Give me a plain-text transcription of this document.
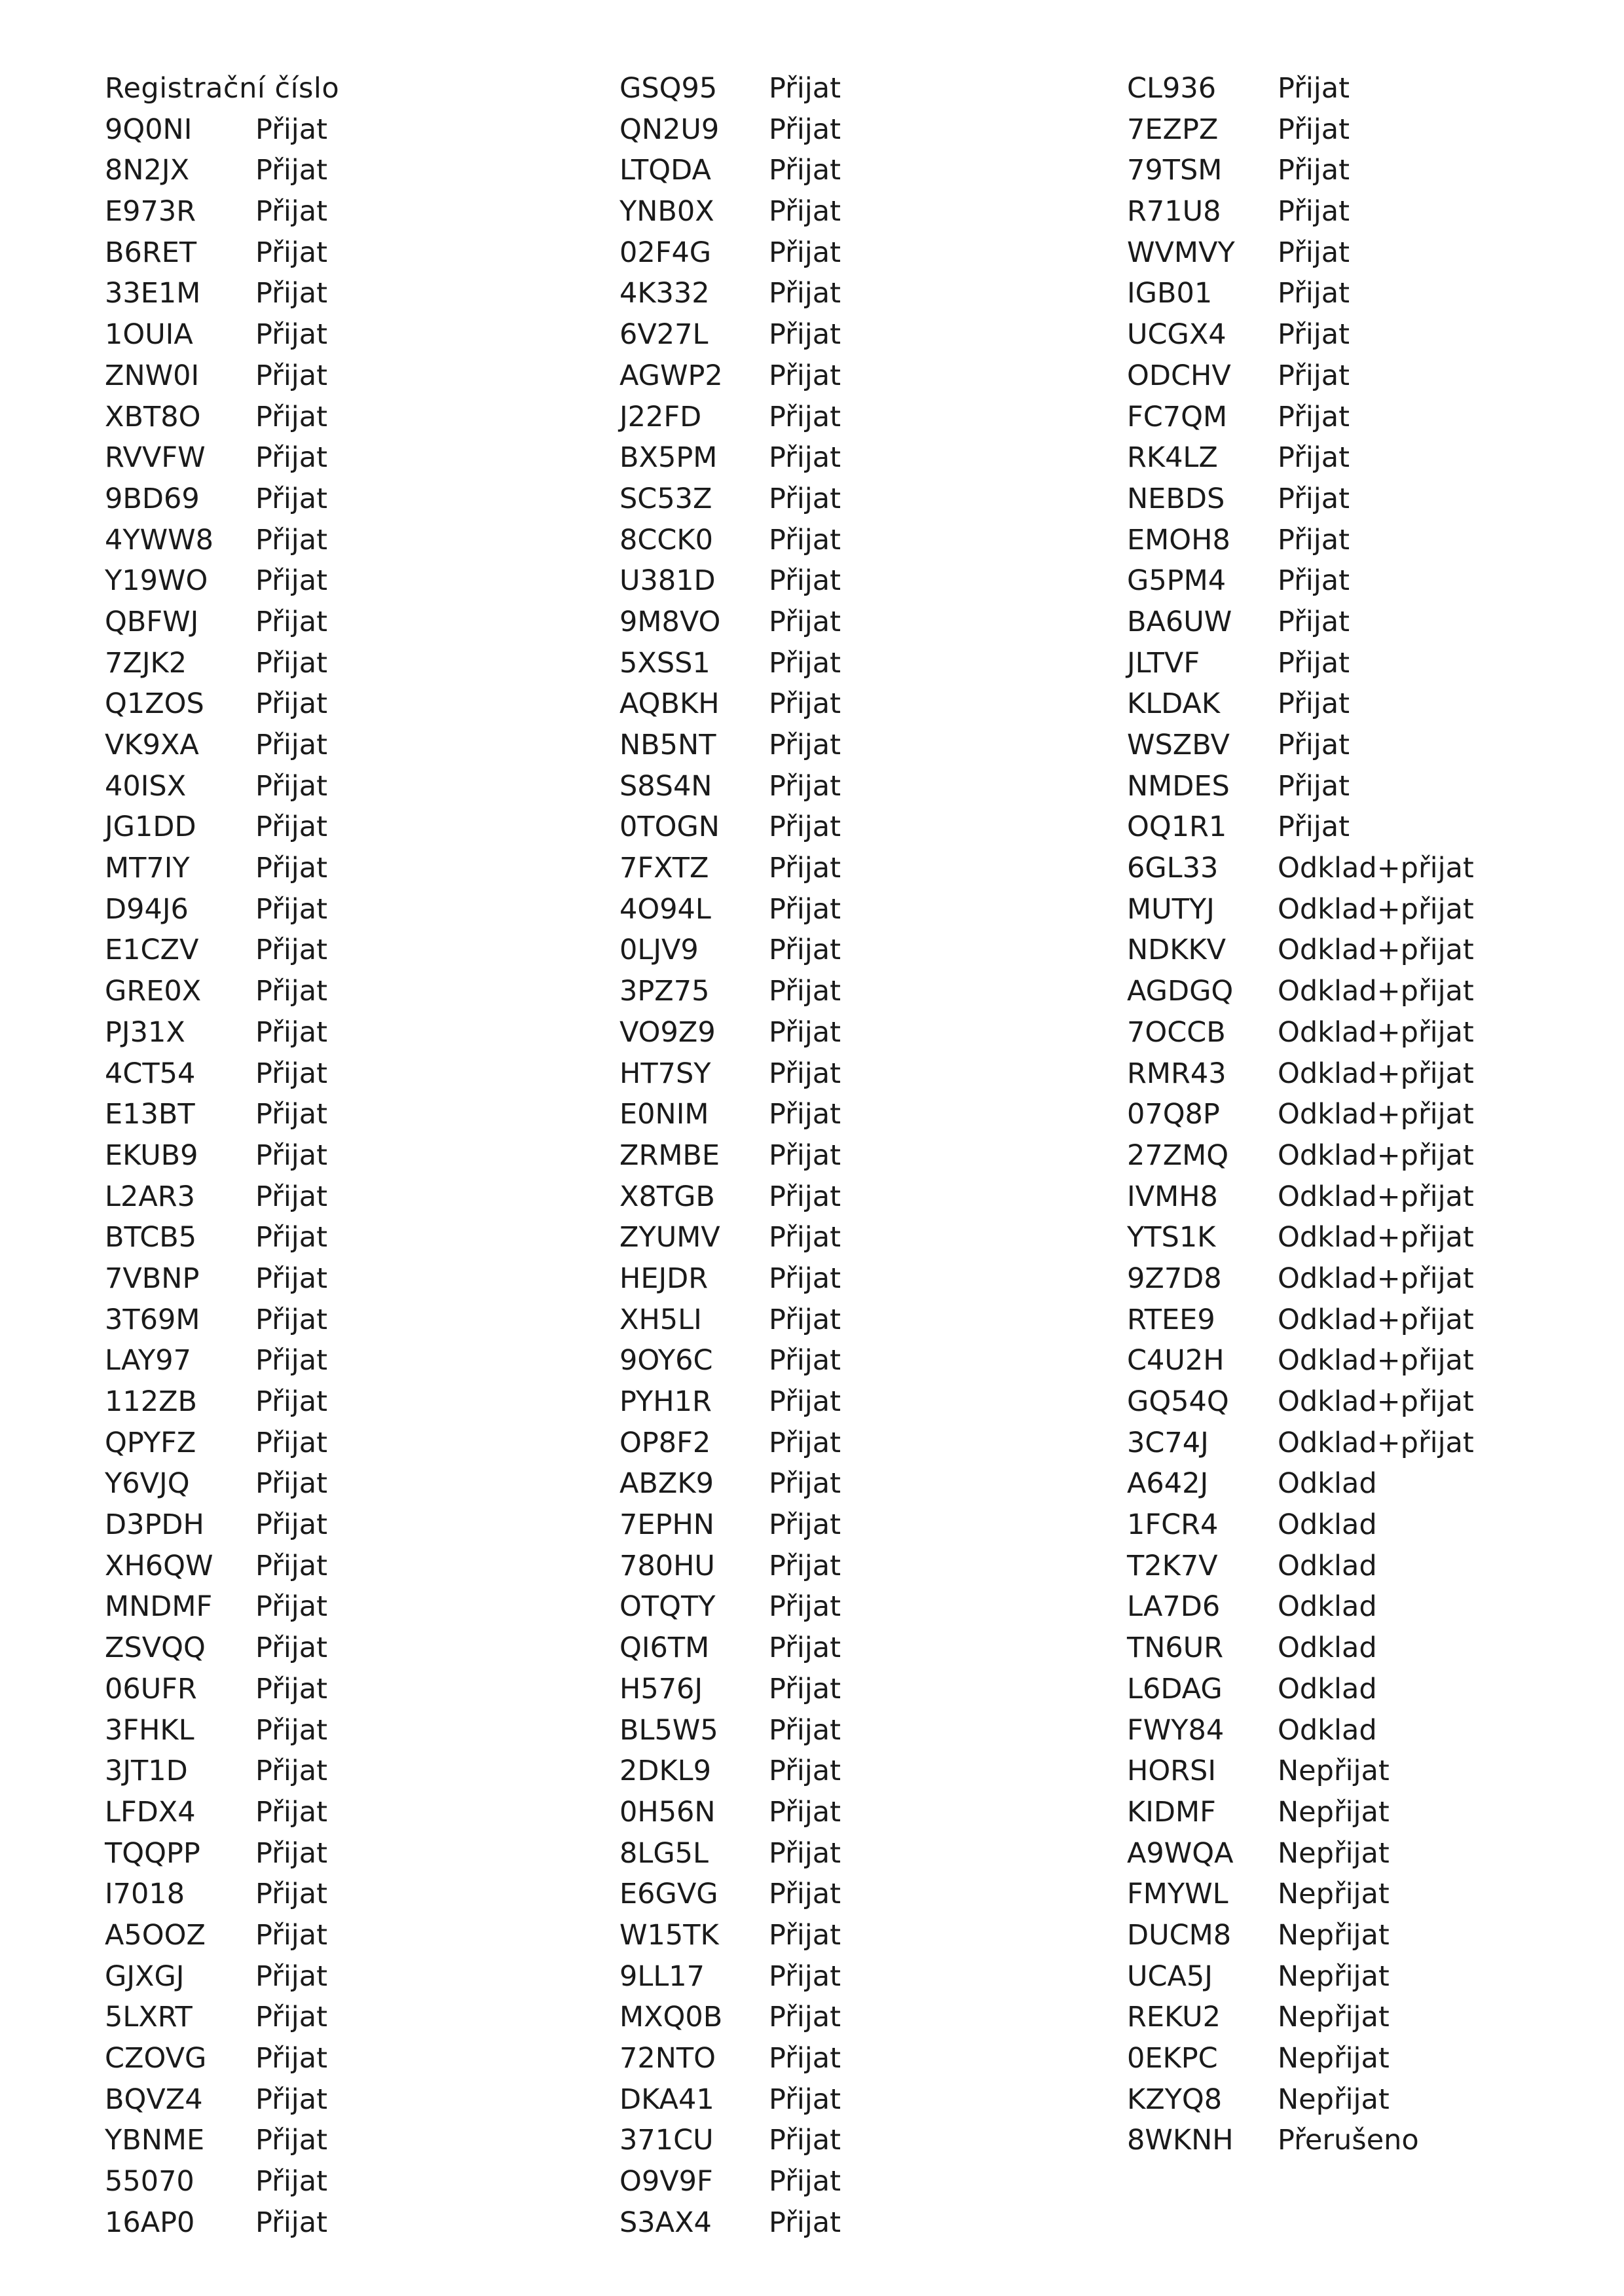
Registrační číslo
9Q0NI Přijat
8N2JX Přijat
E973R Přijat
B6RET Přijat
33E1M Přijat
1OUIA Přijat
ZNW0I Přijat
XBT8O Přijat
RVVFW Přijat
9BD69 Přijat
4YWW8 Přijat
Y19WO Přijat
QBFWJ Přijat
7ZJK2 Přijat
Q1ZOS Přijat
VK9XA Přijat
40ISX Přijat
JG1DD Přijat
MT7IY Přijat
D94J6 Přijat
E1CZV Přijat
GRE0X Přijat
PJ31X Přijat
4CT54 Přijat
E13BT Přijat
EKUB9 Přijat
L2AR3 Přijat
BTCB5 Přijat
7VBNP Přijat
3T69M Přijat
LAY97 Přijat
112ZB Přijat
QPYFZ Přijat
Y6VJQ Přijat
D3PDH Přijat
XH6QW Přijat
MNDMF Přijat
ZSVQQ Přijat
06UFR Přijat
3FHKL Přijat
3JT1D Přijat
LFDX4 Přijat
TQQPP Přijat
I7018	Přijat
A5OOZ Přijat
GJXGJ	Přijat
5LXRT Přijat
CZOVG Přijat
BQVZ4 Přijat
YBNME Přijat
55070 Přijat
16AP0 Přijat
GSQ95 Přijat
QN2U9 Přijat
LTQDA Přijat
YNB0X Přijat
02F4G Přijat
4K332 Přijat
6V27L Přijat
AGWP2 Přijat
J22FD Přijat
BX5PM Přijat
SC53Z Přijat
8CCK0 Přijat
U381D Přijat
9M8VO Přijat
5XSS1 Přijat
AQBKH Přijat
NB5NT Přijat
S8S4N Přijat
0TOGN Přijat
7FXTZ Přijat
4O94L Přijat
0LJV9 Přijat
3PZ75 Přijat
VO9Z9 Přijat
HT7SY Přijat
E0NIM Přijat
ZRMBE Přijat
X8TGB Přijat
ZYUMV Přijat
HEJDR Přijat
XH5LI Přijat
9OY6C Přijat
PYH1R Přijat
OP8F2 Přijat
ABZK9 Přijat
7EPHN Přijat
780HU Přijat
OTQTY Přijat
QI6TM Přijat
H576J Přijat
BL5W5 Přijat
2DKL9 Přijat
0H56N Přijat
8LG5L Přijat
E6GVG Přijat
W15TK Přijat
9LL17 Přijat
MXQ0B Přijat
72NTO Přijat
DKA41 Přijat
371CU Přijat
O9V9F Přijat
S3AX4 Přijat
CL936 Přijat
7EZPZ Přijat
79TSM Přijat
R71U8 Přijat
WVMVY Přijat
IGB01 Přijat
UCGX4 Přijat
ODCHV Přijat
FC7QM Přijat
RK4LZ Přijat
NEBDS Přijat
EMOH8 Přijat
G5PM4 Přijat
BA6UW Přijat
JLTVF	Přijat
KLDAK Přijat
WSZBV Přijat
NMDES Přijat
OQ1R1 Přijat
6GL33 Odklad+přijat
MUTYJ Odklad+přijat
NDKKV Odklad+přijat
AGDGQ Odklad+přijat
7OCCB Odklad+přijat
RMR43 Odklad+přijat
07Q8P Odklad+přijat
27ZMQ Odklad+přijat
IVMH8 Odklad+přijat
YTS1K Odklad+přijat
9Z7D8 Odklad+přijat
RTEE9 Odklad+přijat
C4U2H Odklad+přijat
GQ54Q Odklad+přijat
3C74J Odklad+přijat
A642J Odklad
1FCR4 Odklad
T2K7V Odklad
LA7D6 Odklad
TN6UR Odklad
L6DAG Odklad
FWY84 Odklad
HORSI Nepřijat
KIDMF Nepřijat
A9WQA Nepřijat
FMYWL Nepřijat
DUCM8 Nepřijat
UCA5J Nepřijat
REKU2 Nepřijat
0EKPC Nepřijat
KZYQ8 Nepřijat
8WKNH Přerušeno
